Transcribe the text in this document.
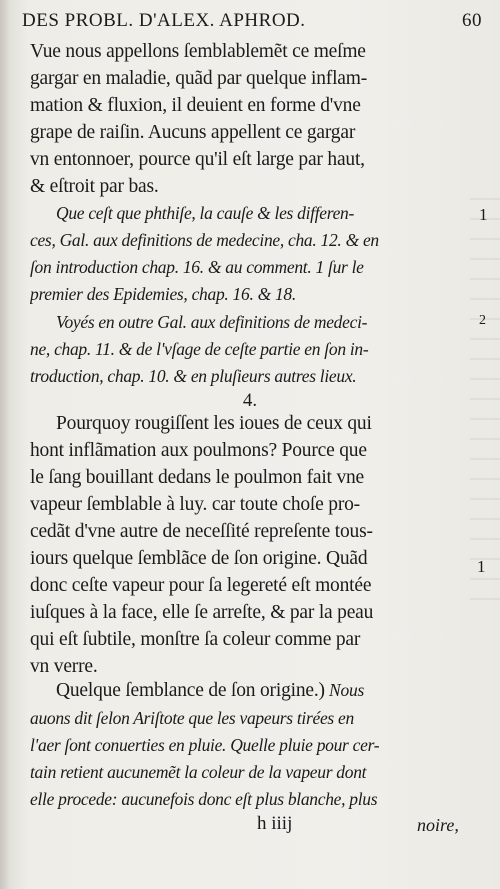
DES PROBL. D'ALEX. APHROD.	60
Vue nous appellons ſemblablemẽt ce meſme
gargar en maladie, quãd par quelque inflam-
mation & fluxion, il deuient en forme d'vne
grape de raiſin. Aucuns appellent ce gargar
vn entonnoer, pource qu'il eſt large par haut,
& eſtroit par bas.
Que ceſt que phthiſe, la cauſe & les differen-
ces, Gal. aux definitions de medecine, cha. 12. & en
ſon introduction chap. 16. & au comment. 1 ſur le
premier des Epidemies, chap. 16. & 18.
1
Voyés en outre Gal. aux definitions de medeci-
ne, chap. 11. & de l'vſage de ceſte partie en ſon in-
troduction, chap. 10. & en pluſieurs autres lieux.
2
4.
Pourquoy rougiſſent les ioues de ceux qui
hont inflãmation aux poulmons? Pource que
le ſang bouillant dedans le poulmon fait vne
vapeur ſemblable à luy. car toute choſe pro-
cedãt d'vne autre de neceſſité repreſente tous-
iours quelque ſemblãce de ſon origine. Quãd
donc ceſte vapeur pour ſa legereté eſt montée
iuſques à la face, elle ſe arreſte, & par la peau
qui eſt ſubtile, monſtre ſa coleur comme par
vn verre.
1
Quelque ſemblance de ſon origine.) Nous
auons dit ſelon Ariſtote que les vapeurs tirées en
l'aer ſont conuerties en pluie. Quelle pluie pour cer-
tain retient aucunemẽt la coleur de la vapeur dont
elle procede: aucunefois donc eſt plus blanche, plus
h iiij	noire,
